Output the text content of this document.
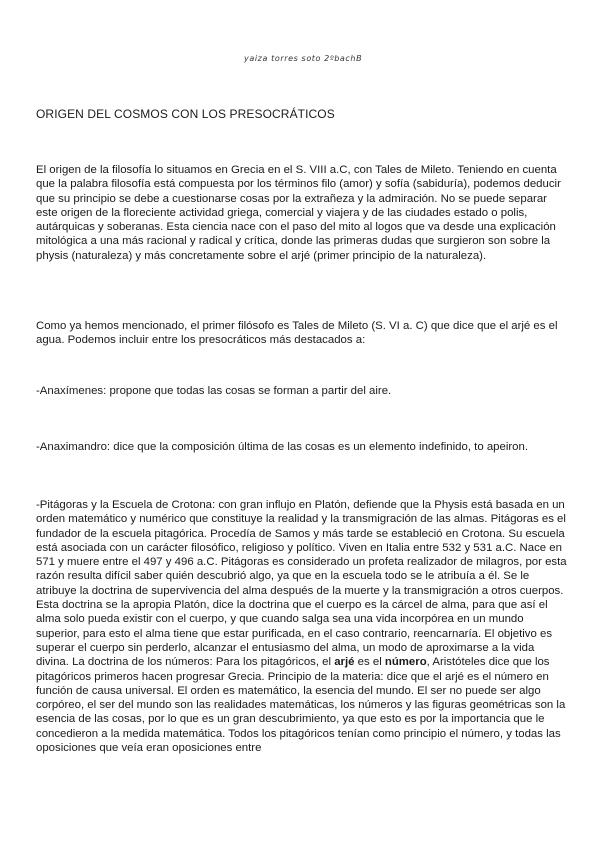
yaiza torres soto 2ºbachB
ORIGEN DEL COSMOS CON LOS PRESOCRÁTICOS

El origen de la filosofía lo situamos en Grecia en el S. VIII a.C, con Tales de Mileto. Teniendo en cuenta que la palabra filosofía está compuesta por los términos filo (amor) y sofía (sabiduría), podemos deducir que su principio se debe a cuestionarse cosas por la extrañeza y la admiración. No se puede separar este origen de la floreciente actividad griega, comercial y viajera y de las ciudades estado o polis, autárquicas y soberanas. Esta ciencia nace con el paso del mito al logos que va desde una explicación mitológica a una más racional y radical y crítica, donde las primeras dudas que surgieron son sobre la physis (naturaleza) y más concretamente sobre el arjé (primer principio de la naturaleza).

Como ya hemos mencionado, el primer filósofo es Tales de Mileto (S. VI a. C) que dice que el arjé es el agua. Podemos incluir entre los presocráticos más destacados a:

-Anaxímenes: propone que todas las cosas se forman a partir del aire.

-Anaximandro: dice que la composición última de las cosas es un elemento indefinido, to apeiron.

-Pitágoras y la Escuela de Crotona: con gran influjo en Platón, defiende que la Physis está basada en un orden matemático y numérico que constituye la realidad y la transmigración de las almas. Pitágoras es el fundador de la escuela pitagórica. Procedía de Samos y más tarde se estableció en Crotona. Su escuela está asociada con un carácter filosófico, religioso y político. Viven en Italia entre 532 y 531 a.C. Nace en 571 y muere entre el 497 y 496 a.C. Pitágoras es considerado un profeta realizador de milagros, por esta razón resulta difícil saber quién descubrió algo, ya que en la escuela todo se le atribuía a él. Se le atribuye la doctrina de supervivencia del alma después de la muerte y la transmigración a otros cuerpos. Esta doctrina se la apropia Platón, dice la doctrina que el cuerpo es la cárcel de alma, para que así el alma solo pueda existir con el cuerpo, y que cuando salga sea una vida incorpórea en un mundo superior, para esto el alma tiene que estar purificada, en el caso contrario, reencarnaría. El objetivo es superar el cuerpo sin perderlo, alcanzar el entusiasmo del alma, un modo de aproximarse a la vida divina. La doctrina de los números: Para los pitagóricos, el arjé es el número, Aristóteles dice que los pitagóricos primeros hacen progresar Grecia. Principio de la materia: dice que el arjé es el número en función de causa universal. El orden es matemático, la esencia del mundo. El ser no puede ser algo corpóreo, el ser del mundo son las realidades matemáticas, los números y las figuras geométricas son la esencia de las cosas, por lo que es un gran descubrimiento, ya que esto es por la importancia que le concedieron a la medida matemática. Todos los pitagóricos tenían como principio el número, y todas las oposiciones que veía eran oposiciones entre
